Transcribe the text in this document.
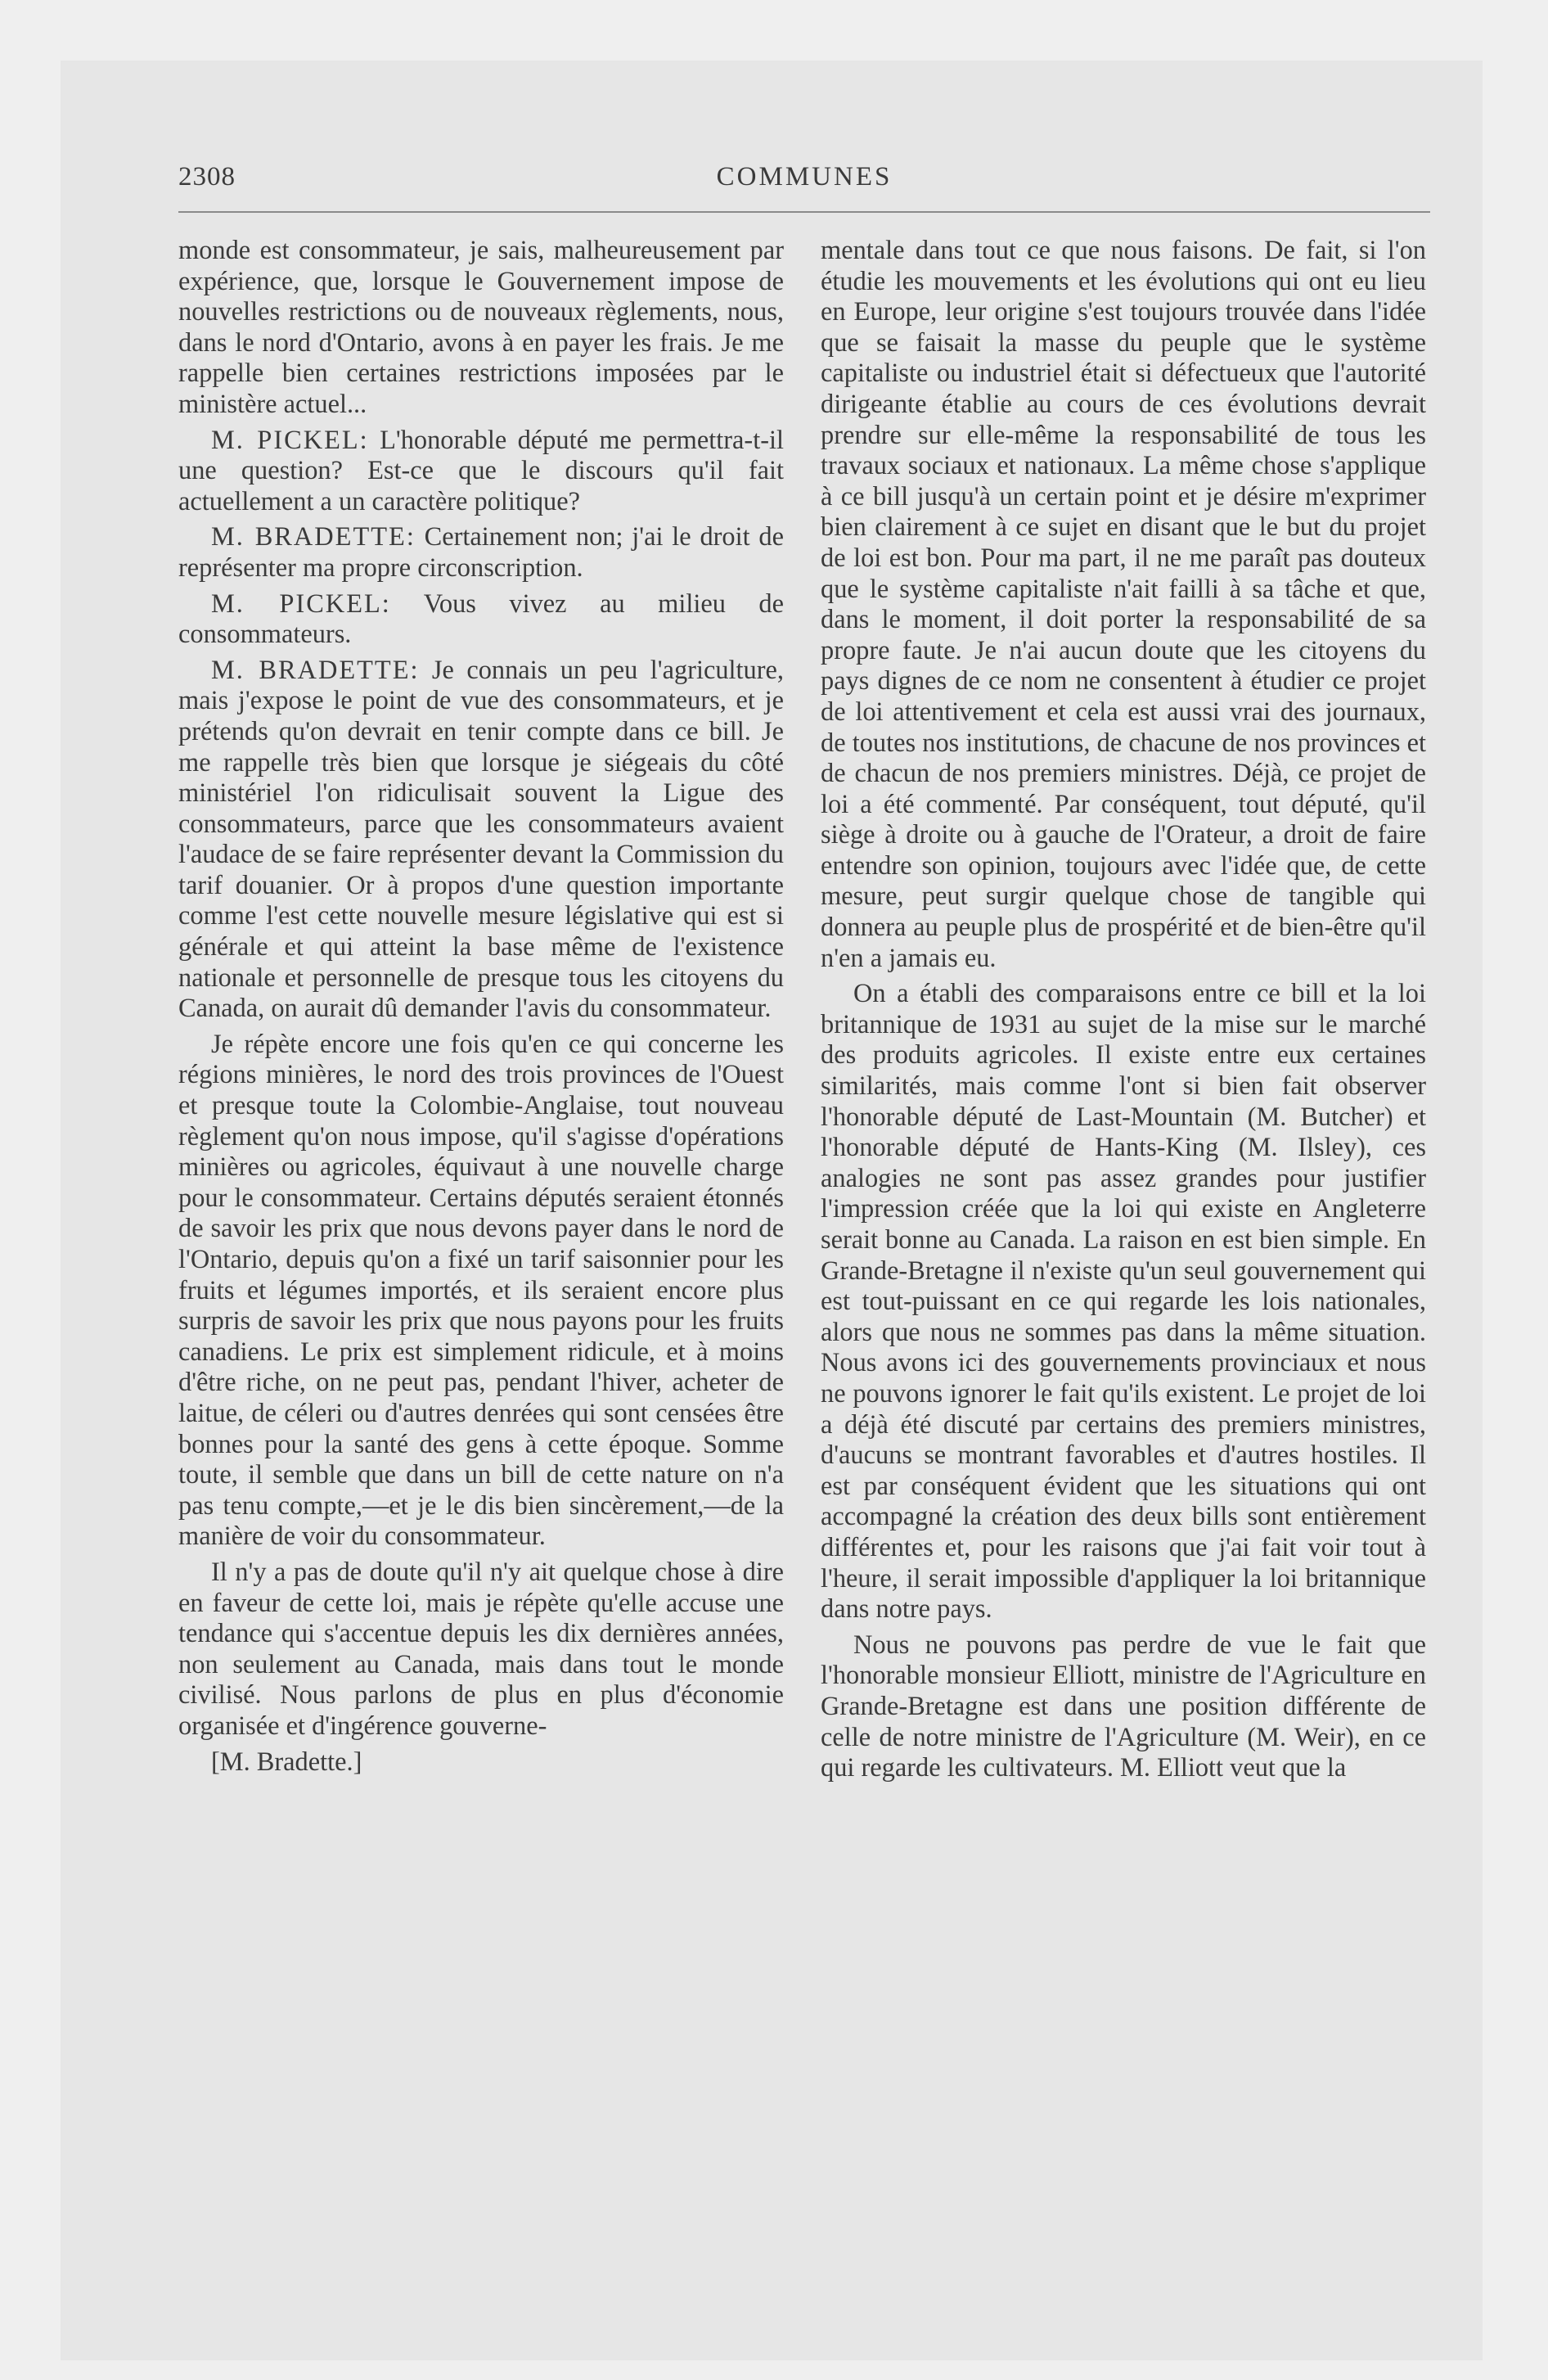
2308	COMMUNES

monde est consommateur, je sais, malheureusement par expérience, que, lorsque le Gouvernement impose de nouvelles restrictions ou de nouveaux règlements, nous, dans le nord d'Ontario, avons à en payer les frais. Je me rappelle bien certaines restrictions imposées par le ministère actuel...

M. PICKEL: L'honorable député me permettra-t-il une question? Est-ce que le discours qu'il fait actuellement a un caractère politique?

M. BRADETTE: Certainement non; j'ai le droit de représenter ma propre circonscription.

M. PICKEL: Vous vivez au milieu de consommateurs.

M. BRADETTE: Je connais un peu l'agriculture, mais j'expose le point de vue des consommateurs, et je prétends qu'on devrait en tenir compte dans ce bill. Je me rappelle très bien que lorsque je siégeais du côté ministériel l'on ridiculisait souvent la Ligue des consommateurs, parce que les consommateurs avaient l'audace de se faire représenter devant la Commission du tarif douanier. Or à propos d'une question importante comme l'est cette nouvelle mesure législative qui est si générale et qui atteint la base même de l'existence nationale et personnelle de presque tous les citoyens du Canada, on aurait dû demander l'avis du consommateur.

Je répète encore une fois qu'en ce qui concerne les régions minières, le nord des trois provinces de l'Ouest et presque toute la Colombie-Anglaise, tout nouveau règlement qu'on nous impose, qu'il s'agisse d'opérations minières ou agricoles, équivaut à une nouvelle charge pour le consommateur. Certains députés seraient étonnés de savoir les prix que nous devons payer dans le nord de l'Ontario, depuis qu'on a fixé un tarif saisonnier pour les fruits et légumes importés, et ils seraient encore plus surpris de savoir les prix que nous payons pour les fruits canadiens. Le prix est simplement ridicule, et à moins d'être riche, on ne peut pas, pendant l'hiver, acheter de laitue, de céleri ou d'autres denrées qui sont censées être bonnes pour la santé des gens à cette époque. Somme toute, il semble que dans un bill de cette nature on n'a pas tenu compte,—et je le dis bien sincèrement,—de la manière de voir du consommateur.

Il n'y a pas de doute qu'il n'y ait quelque chose à dire en faveur de cette loi, mais je répète qu'elle accuse une tendance qui s'accentue depuis les dix dernières années, non seulement au Canada, mais dans tout le monde civilisé. Nous parlons de plus en plus d'économie organisée et d'ingérence gouverne-

[M. Bradette.]

mentale dans tout ce que nous faisons. De fait, si l'on étudie les mouvements et les évolutions qui ont eu lieu en Europe, leur origine s'est toujours trouvée dans l'idée que se faisait la masse du peuple que le système capitaliste ou industriel était si défectueux que l'autorité dirigeante établie au cours de ces évolutions devrait prendre sur elle-même la responsabilité de tous les travaux sociaux et nationaux. La même chose s'applique à ce bill jusqu'à un certain point et je désire m'exprimer bien clairement à ce sujet en disant que le but du projet de loi est bon. Pour ma part, il ne me paraît pas douteux que le système capitaliste n'ait failli à sa tâche et que, dans le moment, il doit porter la responsabilité de sa propre faute. Je n'ai aucun doute que les citoyens du pays dignes de ce nom ne consentent à étudier ce projet de loi attentivement et cela est aussi vrai des journaux, de toutes nos institutions, de chacune de nos provinces et de chacun de nos premiers ministres. Déjà, ce projet de loi a été commenté. Par conséquent, tout député, qu'il siège à droite ou à gauche de l'Orateur, a droit de faire entendre son opinion, toujours avec l'idée que, de cette mesure, peut surgir quelque chose de tangible qui donnera au peuple plus de prospérité et de bien-être qu'il n'en a jamais eu.

On a établi des comparaisons entre ce bill et la loi britannique de 1931 au sujet de la mise sur le marché des produits agricoles. Il existe entre eux certaines similarités, mais comme l'ont si bien fait observer l'honorable député de Last-Mountain (M. Butcher) et l'honorable député de Hants-King (M. Ilsley), ces analogies ne sont pas assez grandes pour justifier l'impression créée que la loi qui existe en Angleterre serait bonne au Canada. La raison en est bien simple. En Grande-Bretagne il n'existe qu'un seul gouvernement qui est tout-puissant en ce qui regarde les lois nationales, alors que nous ne sommes pas dans la même situation. Nous avons ici des gouvernements provinciaux et nous ne pouvons ignorer le fait qu'ils existent. Le projet de loi a déjà été discuté par certains des premiers ministres, d'aucuns se montrant favorables et d'autres hostiles. Il est par conséquent évident que les situations qui ont accompagné la création des deux bills sont entièrement différentes et, pour les raisons que j'ai fait voir tout à l'heure, il serait impossible d'appliquer la loi britannique dans notre pays.

Nous ne pouvons pas perdre de vue le fait que l'honorable monsieur Elliott, ministre de l'Agriculture en Grande-Bretagne est dans une position différente de celle de notre ministre de l'Agriculture (M. Weir), en ce qui regarde les cultivateurs. M. Elliott veut que la
